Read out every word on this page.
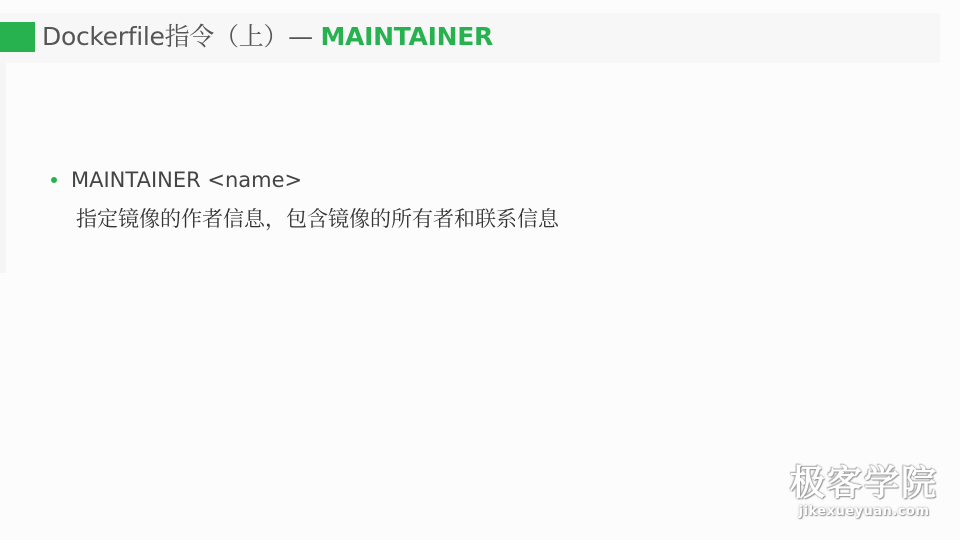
Dockerfile指令（上）— MAINTAINER
MAINTAINER <name>
指定镜像的作者信息，包含镜像的所有者和联系信息
极客学院
jikexueyuan.com
